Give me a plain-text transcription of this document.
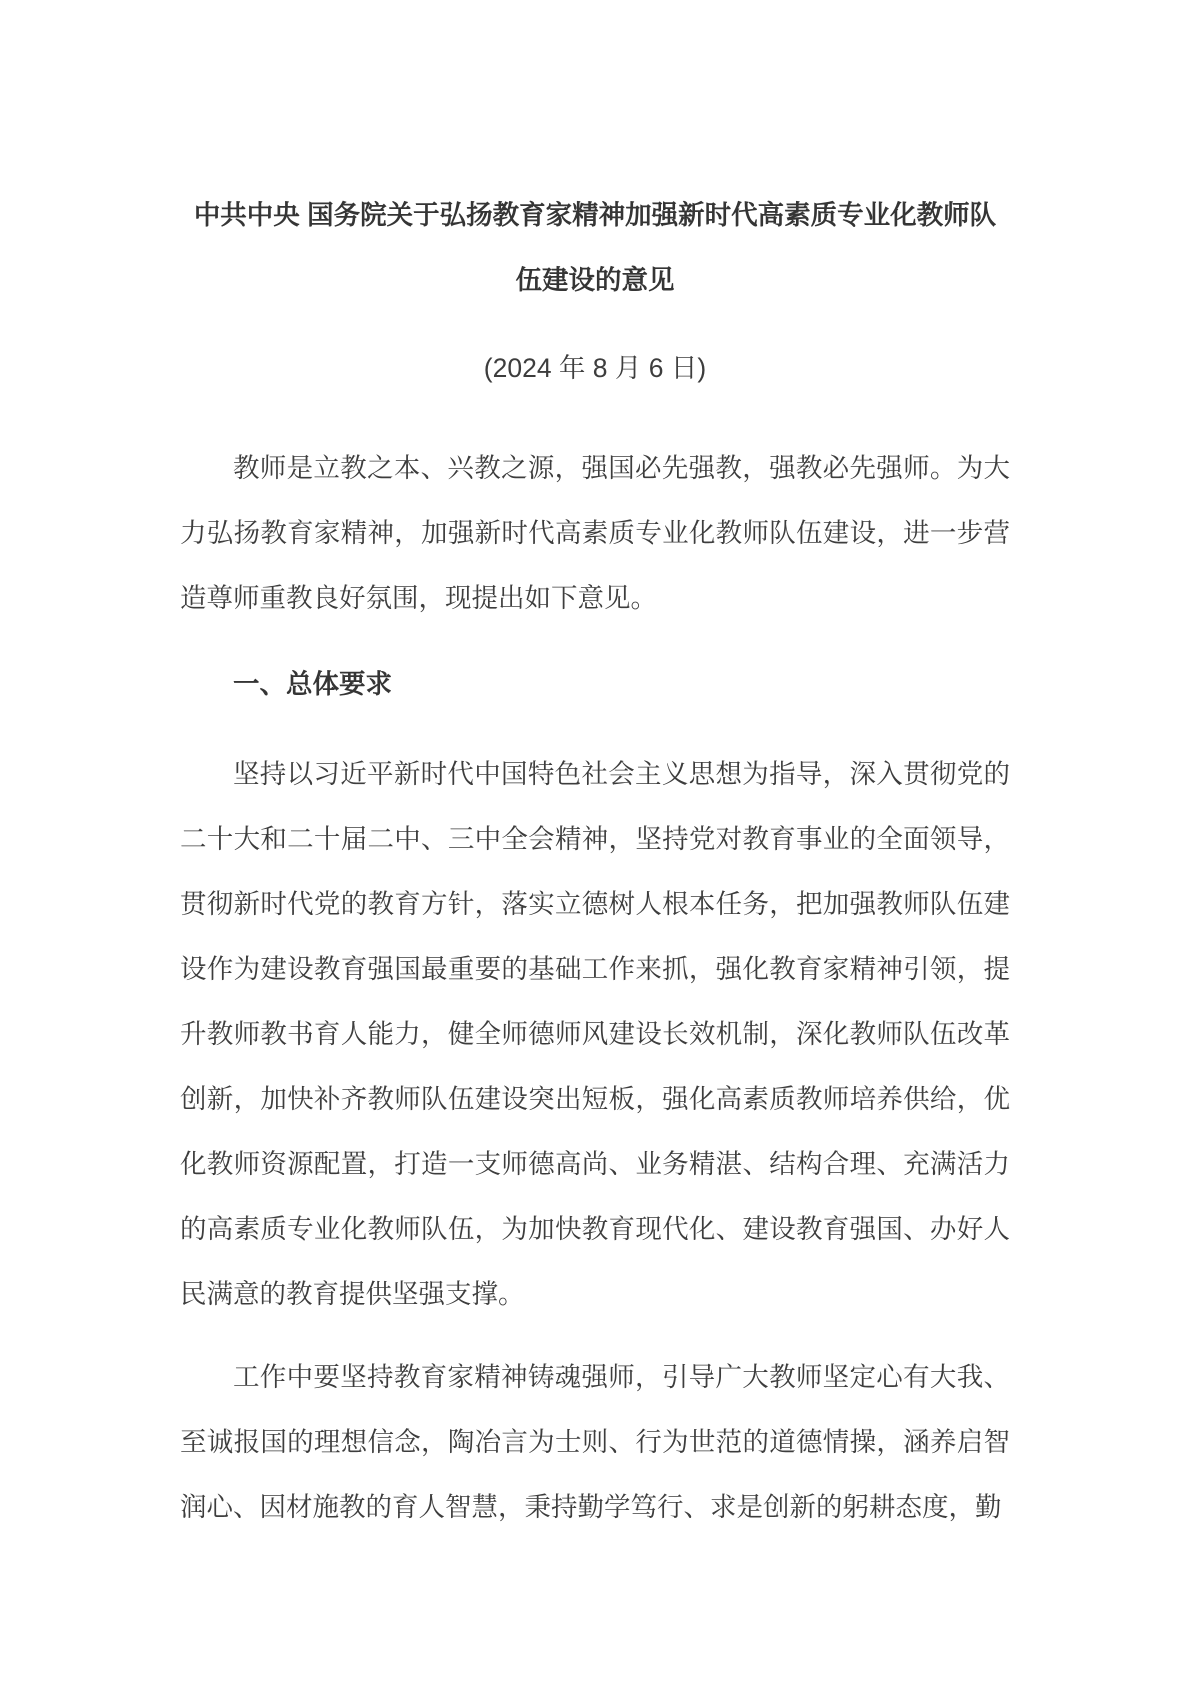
中共中央 国务院关于弘扬教育家精神加强新时代高素质专业化教师队
伍建设的意见
(2024 年 8 月 6 日)
教师是立教之本、兴教之源，强国必先强教，强教必先强师。为大
力弘扬教育家精神，加强新时代高素质专业化教师队伍建设，进一步营
造尊师重教良好氛围，现提出如下意见。
一、总体要求
坚持以习近平新时代中国特色社会主义思想为指导，深入贯彻党的
二十大和二十届二中、三中全会精神，坚持党对教育事业的全面领导，
贯彻新时代党的教育方针，落实立德树人根本任务，把加强教师队伍建
设作为建设教育强国最重要的基础工作来抓，强化教育家精神引领，提
升教师教书育人能力，健全师德师风建设长效机制，深化教师队伍改革
创新，加快补齐教师队伍建设突出短板，强化高素质教师培养供给，优
化教师资源配置，打造一支师德高尚、业务精湛、结构合理、充满活力
的高素质专业化教师队伍，为加快教育现代化、建设教育强国、办好人
民满意的教育提供坚强支撑。
工作中要坚持教育家精神铸魂强师，引导广大教师坚定心有大我、
至诚报国的理想信念，陶冶言为士则、行为世范的道德情操，涵养启智
润心、因材施教的育人智慧，秉持勤学笃行、求是创新的躬耕态度，勤
